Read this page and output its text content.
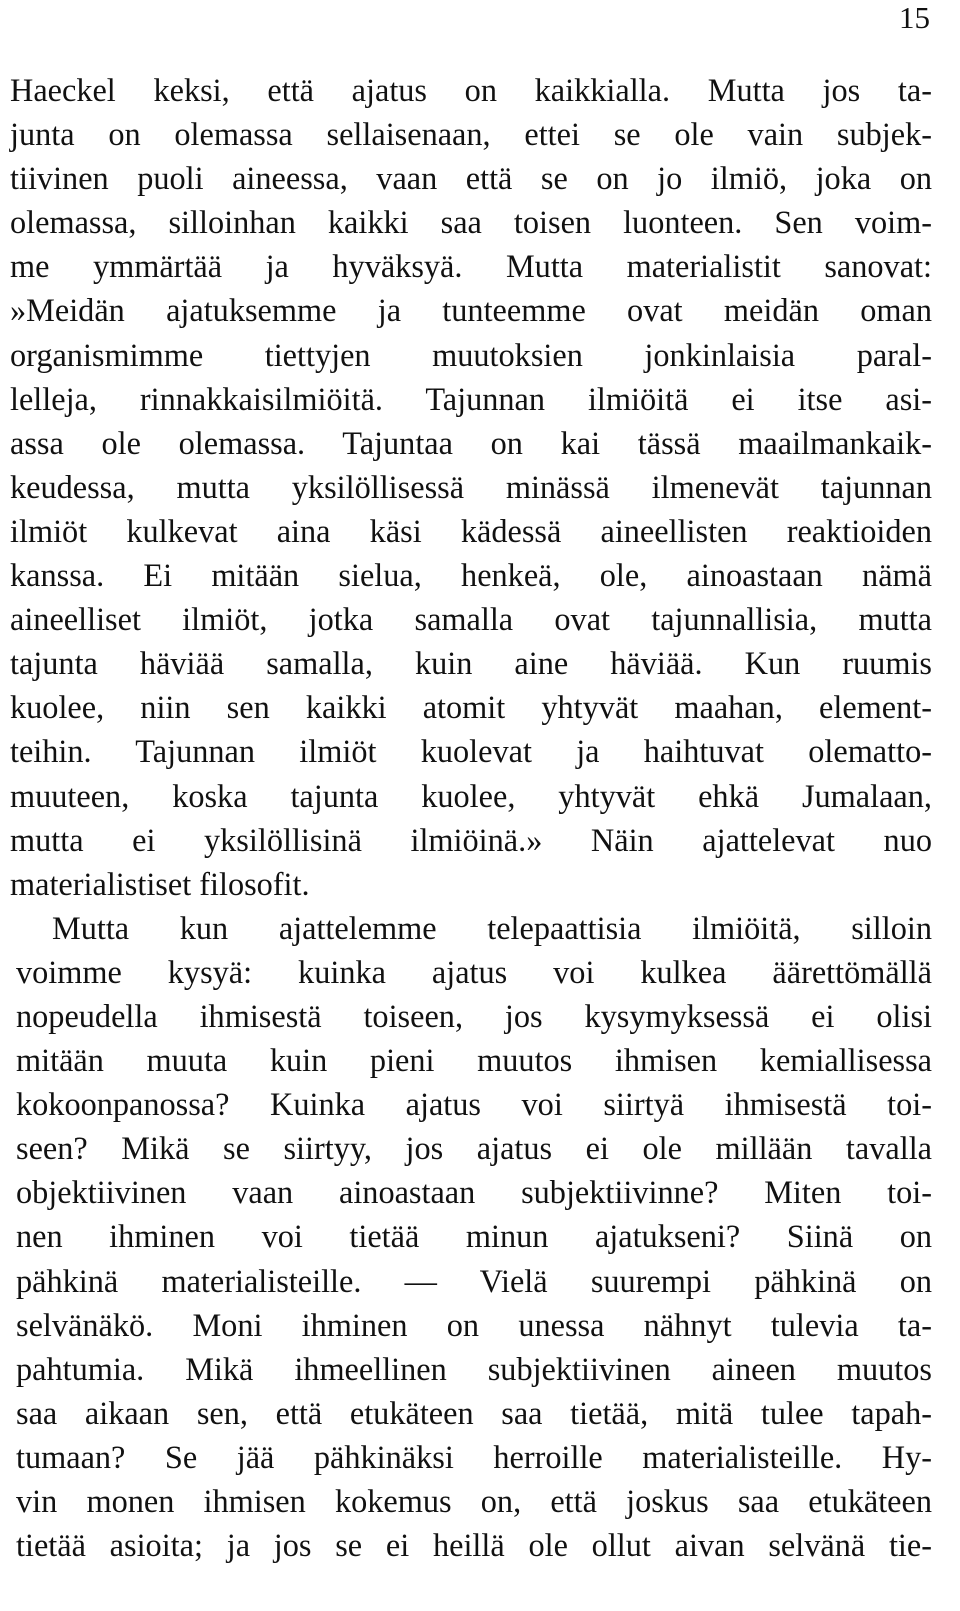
15

Haeckel keksi, että ajatus on kaikkialla. Mutta jos ta-
junta on olemassa sellaisenaan, ettei se ole vain subjek-
tiivinen puoli aineessa, vaan että se on jo ilmiö, joka on
olemassa, silloinhan kaikki saa toisen luonteen. Sen voim-
me ymmärtää ja hyväksyä. Mutta materialistit sanovat:
»Meidän ajatuksemme ja tunteemme ovat meidän oman
organismimme tiettyjen muutoksien jonkinlaisia paral-
lelleja, rinnakkaisilmiöitä. Tajunnan ilmiöitä ei itse asi-
assa ole olemassa. Tajuntaa on kai tässä maailmankaik-
keudessa, mutta yksilöllisessä minässä ilmenevät tajunnan
ilmiöt kulkevat aina käsi kädessä aineellisten reaktioiden
kanssa. Ei mitään sielua, henkeä, ole, ainoastaan nämä
aineelliset ilmiöt, jotka samalla ovat tajunnallisia, mutta
tajunta häviää samalla, kuin aine häviää. Kun ruumis
kuolee, niin sen kaikki atomit yhtyvät maahan, element-
teihin. Tajunnan ilmiöt kuolevat ja haihtuvat olematto-
muuteen, koska tajunta kuolee, yhtyvät ehkä Jumalaan,
mutta ei yksilöllisinä ilmiöinä.» Näin ajattelevat nuo
materialistiset filosofit.
Mutta kun ajattelemme telepaattisia ilmiöitä, silloin
voimme kysyä: kuinka ajatus voi kulkea äärettömällä
nopeudella ihmisestä toiseen, jos kysymyksessä ei olisi
mitään muuta kuin pieni muutos ihmisen kemiallisessa
kokoonpanossa? Kuinka ajatus voi siirtyä ihmisestä toi-
seen? Mikä se siirtyy, jos ajatus ei ole millään tavalla
objektiivinen vaan ainoastaan subjektiivinne? Miten toi-
nen ihminen voi tietää minun ajatukseni? Siinä on
pähkinä materialisteille. — Vielä suurempi pähkinä on
selvänäkö. Moni ihminen on unessa nähnyt tulevia ta-
pahtumia. Mikä ihmeellinen subjektiivinen aineen muutos
saa aikaan sen, että etukäteen saa tietää, mitä tulee tapah-
tumaan? Se jää pähkinäksi herroille materialisteille. Hy-
vin monen ihmisen kokemus on, että joskus saa etukäteen
tietää asioita; ja jos se ei heillä ole ollut aivan selvänä tie-
